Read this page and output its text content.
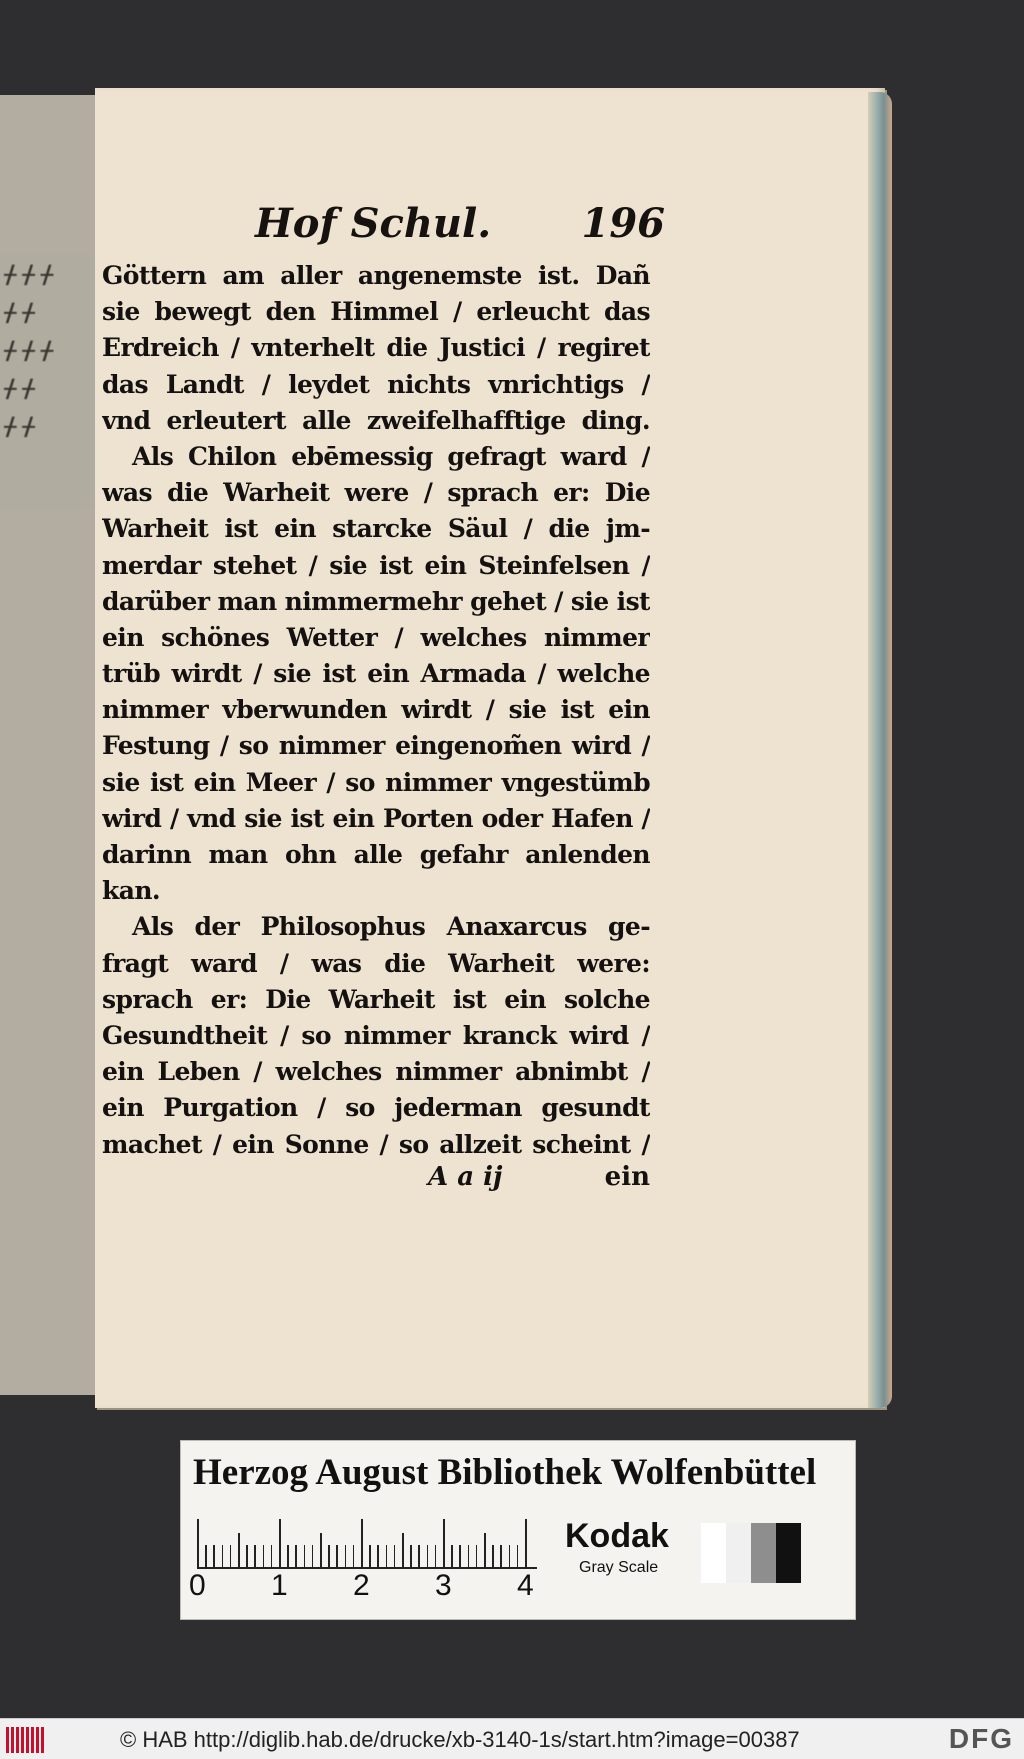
ᚋ ᚋ ᚋ
ᚋ ᚋ
ᚋ ᚋ ᚋ
ᚋ ᚋ
ᚋ ᚋ
Hof Schul. 196
Göttern am aller angenemste ist. Dañ
sie bewegt den Himmel / erleucht das
Erdreich / vnterhelt die Justici / regiret
das Landt / leydet nichts vnrichtigs /
vnd erleutert alle zweifelhafftige ding.
Als Chilon ebēmessig gefragt ward /
was die Warheit were / sprach er: Die
Warheit ist ein starcke Säul / die jm-
merdar stehet / sie ist ein Steinfelsen /
darüber man nimmermehr gehet / sie ist
ein schönes Wetter / welches nimmer
trüb wirdt / sie ist ein Armada / welche
nimmer vberwunden wirdt / sie ist ein
Festung / so nimmer eingenom̃en wird /
sie ist ein Meer / so nimmer vngestümb
wird / vnd sie ist ein Porten oder Hafen /
darinn man ohn alle gefahr anlenden
kan.
Als der Philosophus Anaxarcus ge-
fragt ward / was die Warheit were:
sprach er: Die Warheit ist ein solche
Gesundtheit / so nimmer kranck wird /
ein Leben / welches nimmer abnimbt /
ein Purgation / so jederman gesundt
machet / ein Sonne / so allzeit scheint /
A a ij	ein
Herzog August Bibliothek Wolfenbüttel
0 1 2 3 4
Kodak
Gray Scale
© HAB http://diglib.hab.de/drucke/xb-3140-1s/start.htm?image=00387	DFG
